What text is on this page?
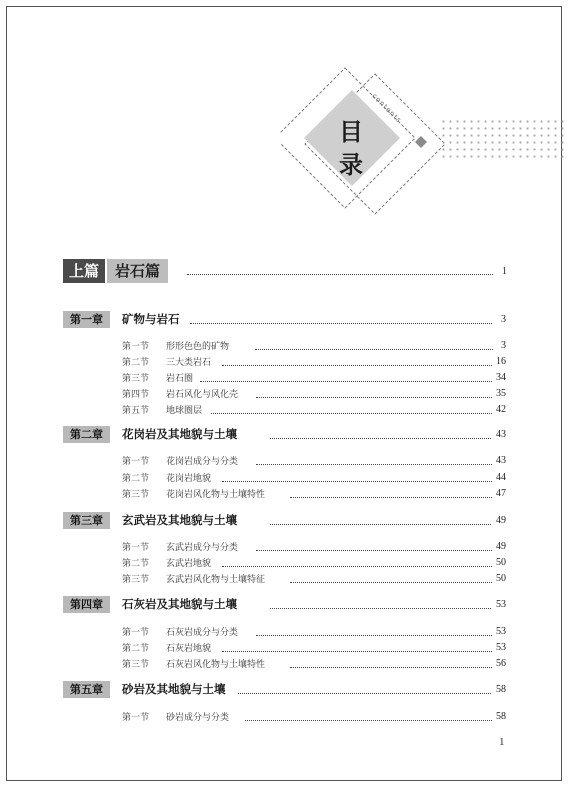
目
录
contents
上篇	岩石篇	1
第一章	矿物与岩石	3
第一节 形形色色的矿物	3
第二节 三大类岩石	16
第三节 岩石圈	34
第四节 岩石风化与风化壳	35
第五节 地球圈层	42
第二章	花岗岩及其地貌与土壤	43
第一节 花岗岩成分与分类	43
第二节 花岗岩地貌	44
第三节 花岗岩风化物与土壤特性	47
第三章	玄武岩及其地貌与土壤	49
第一节 玄武岩成分与分类	49
第二节 玄武岩地貌	50
第三节 玄武岩风化物与土壤特征	50
第四章	石灰岩及其地貌与土壤	53
第一节 石灰岩成分与分类	53
第二节 石灰岩地貌	53
第三节 石灰岩风化物与土壤特性	56
第五章	砂岩及其地貌与土壤	58
第一节 砂岩成分与分类	58
1
